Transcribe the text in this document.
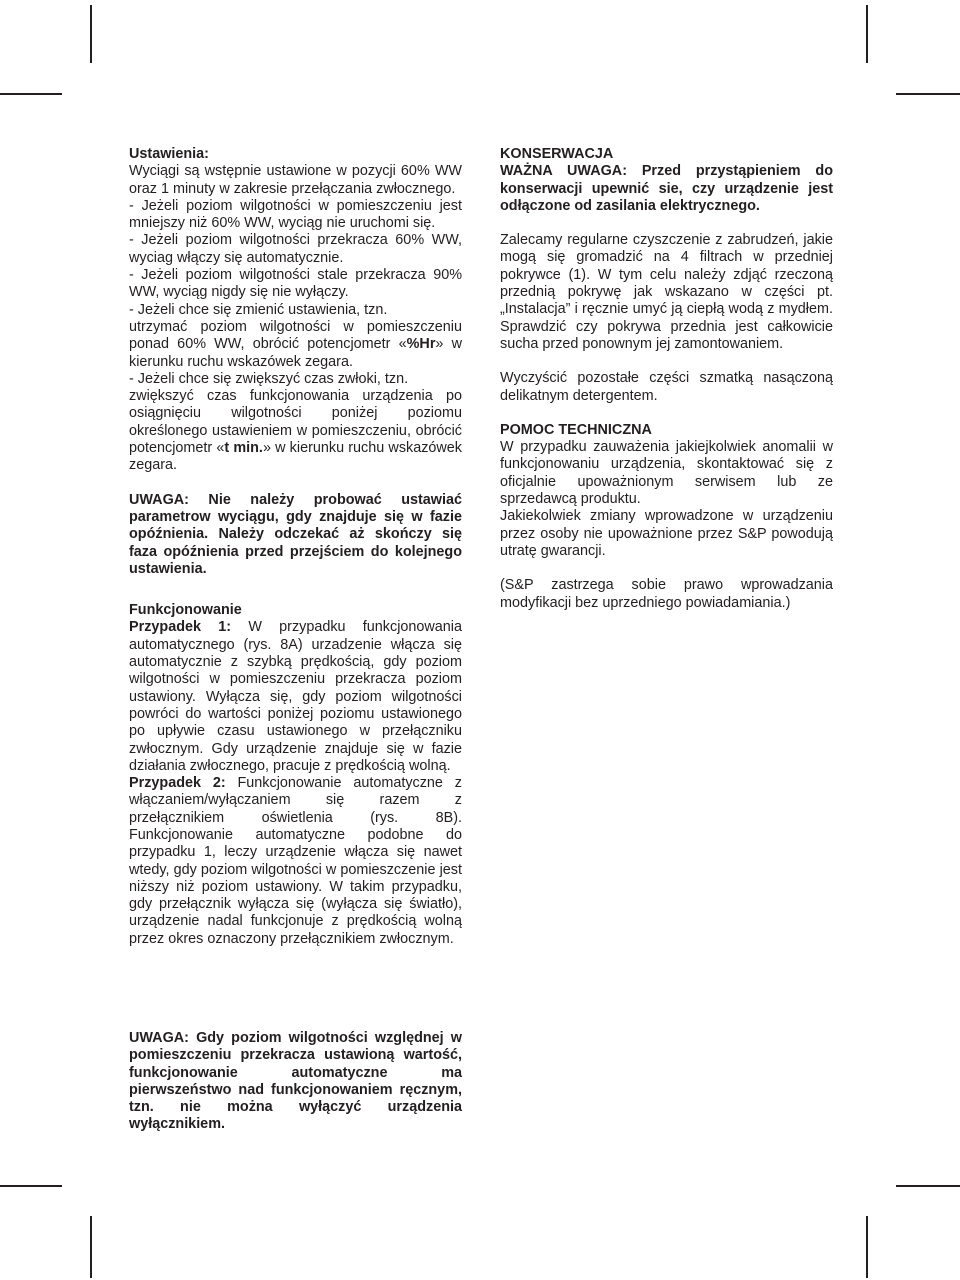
Ustawienia:

Wyciągi są wstępnie ustawione w pozycji 60% WW oraz 1 minuty w zakresie przełączania zwłocznego.

- Jeżeli poziom wilgotności w pomieszczeniu jest mniejszy niż 60% WW, wyciąg nie uruchomi się.

- Jeżeli poziom wilgotności przekracza 60% WW, wyciag włączy się automatycznie.

- Jeżeli poziom wilgotności stale przekracza 90% WW, wyciąg nigdy się nie wyłączy.

- Jeżeli chce się zmienić ustawienia, tzn.

utrzymać poziom wilgotności w pomieszczeniu ponad 60% WW, obrócić potencjometr «%Hr» w kierunku ruchu wskazówek zegara.

- Jeżeli chce się zwiększyć czas zwłoki, tzn.

zwiększyć czas funkcjonowania urządzenia po osiągnięciu wilgotności poniżej poziomu określonego ustawieniem w pomieszczeniu, obrócić potencjometr «t min.» w kierunku ruchu wskazówek zegara.

UWAGA: Nie należy probować ustawiać parametrow wyciągu, gdy znajduje się w fazie opóźnienia. Należy odczekać aż skończy się faza opóźnienia przed przejściem do kolejnego ustawienia.

Funkcjonowanie

Przypadek 1: W przypadku funkcjonowania automatycznego (rys. 8A) urzadzenie włącza się automatycznie z szybką prędkością, gdy poziom wilgotności w pomieszczeniu przekracza poziom ustawiony. Wyłącza się, gdy poziom wilgotności powróci do wartości poniżej poziomu ustawionego po upływie czasu ustawionego w przełączniku zwłocznym. Gdy urządzenie znajduje się w fazie działania zwłocznego, pracuje z prędkością wolną.

Przypadek 2: Funkcjonowanie automatyczne z włączaniem/wyłączaniem się razem z przełącznikiem oświetlenia (rys. 8B). Funkcjonowanie automatyczne podobne do przypadku 1, leczy urządzenie włącza się nawet wtedy, gdy poziom wilgotności w pomieszczenie jest niższy niż poziom ustawiony. W takim przypadku, gdy przełącznik wyłącza się (wyłącza się światło), urządzenie nadal funkcjonuje z prędkością wolną przez okres oznaczony przełącznikiem zwłocznym.

UWAGA: Gdy poziom wilgotności względnej w pomieszczeniu przekracza ustawioną wartość, funkcjonowanie automatyczne ma pierwszeństwo nad funkcjonowaniem ręcznym, tzn. nie można wyłączyć urządzenia wyłącznikiem.

KONSERWACJA

WAŻNA UWAGA: Przed przystąpieniem do konserwacji upewnić sie, czy urządzenie jest odłączone od zasilania elektrycznego.

Zalecamy regularne czyszczenie z zabrudzeń, jakie mogą się gromadzić na 4 filtrach w przedniej pokrywce (1). W tym celu należy zdjąć rzeczoną przednią pokrywę jak wskazano w części pt. „Instalacja” i ręcznie umyć ją ciepłą wodą z mydłem. Sprawdzić czy pokrywa przednia jest całkowicie sucha przed ponownym jej zamontowaniem.

Wyczyścić pozostałe części szmatką nasączoną delikatnym detergentem.

POMOC TECHNICZNA

W przypadku zauważenia jakiejkolwiek anomalii w funkcjonowaniu urządzenia, skontaktować się z oficjalnie upoważnionym serwisem lub ze sprzedawcą produktu.

Jakiekolwiek zmiany wprowadzone w urządzeniu przez osoby nie upoważnione przez S&P powodują utratę gwarancji.

(S&P zastrzega sobie prawo wprowadzania modyfikacji bez uprzedniego powiadamiania.)
